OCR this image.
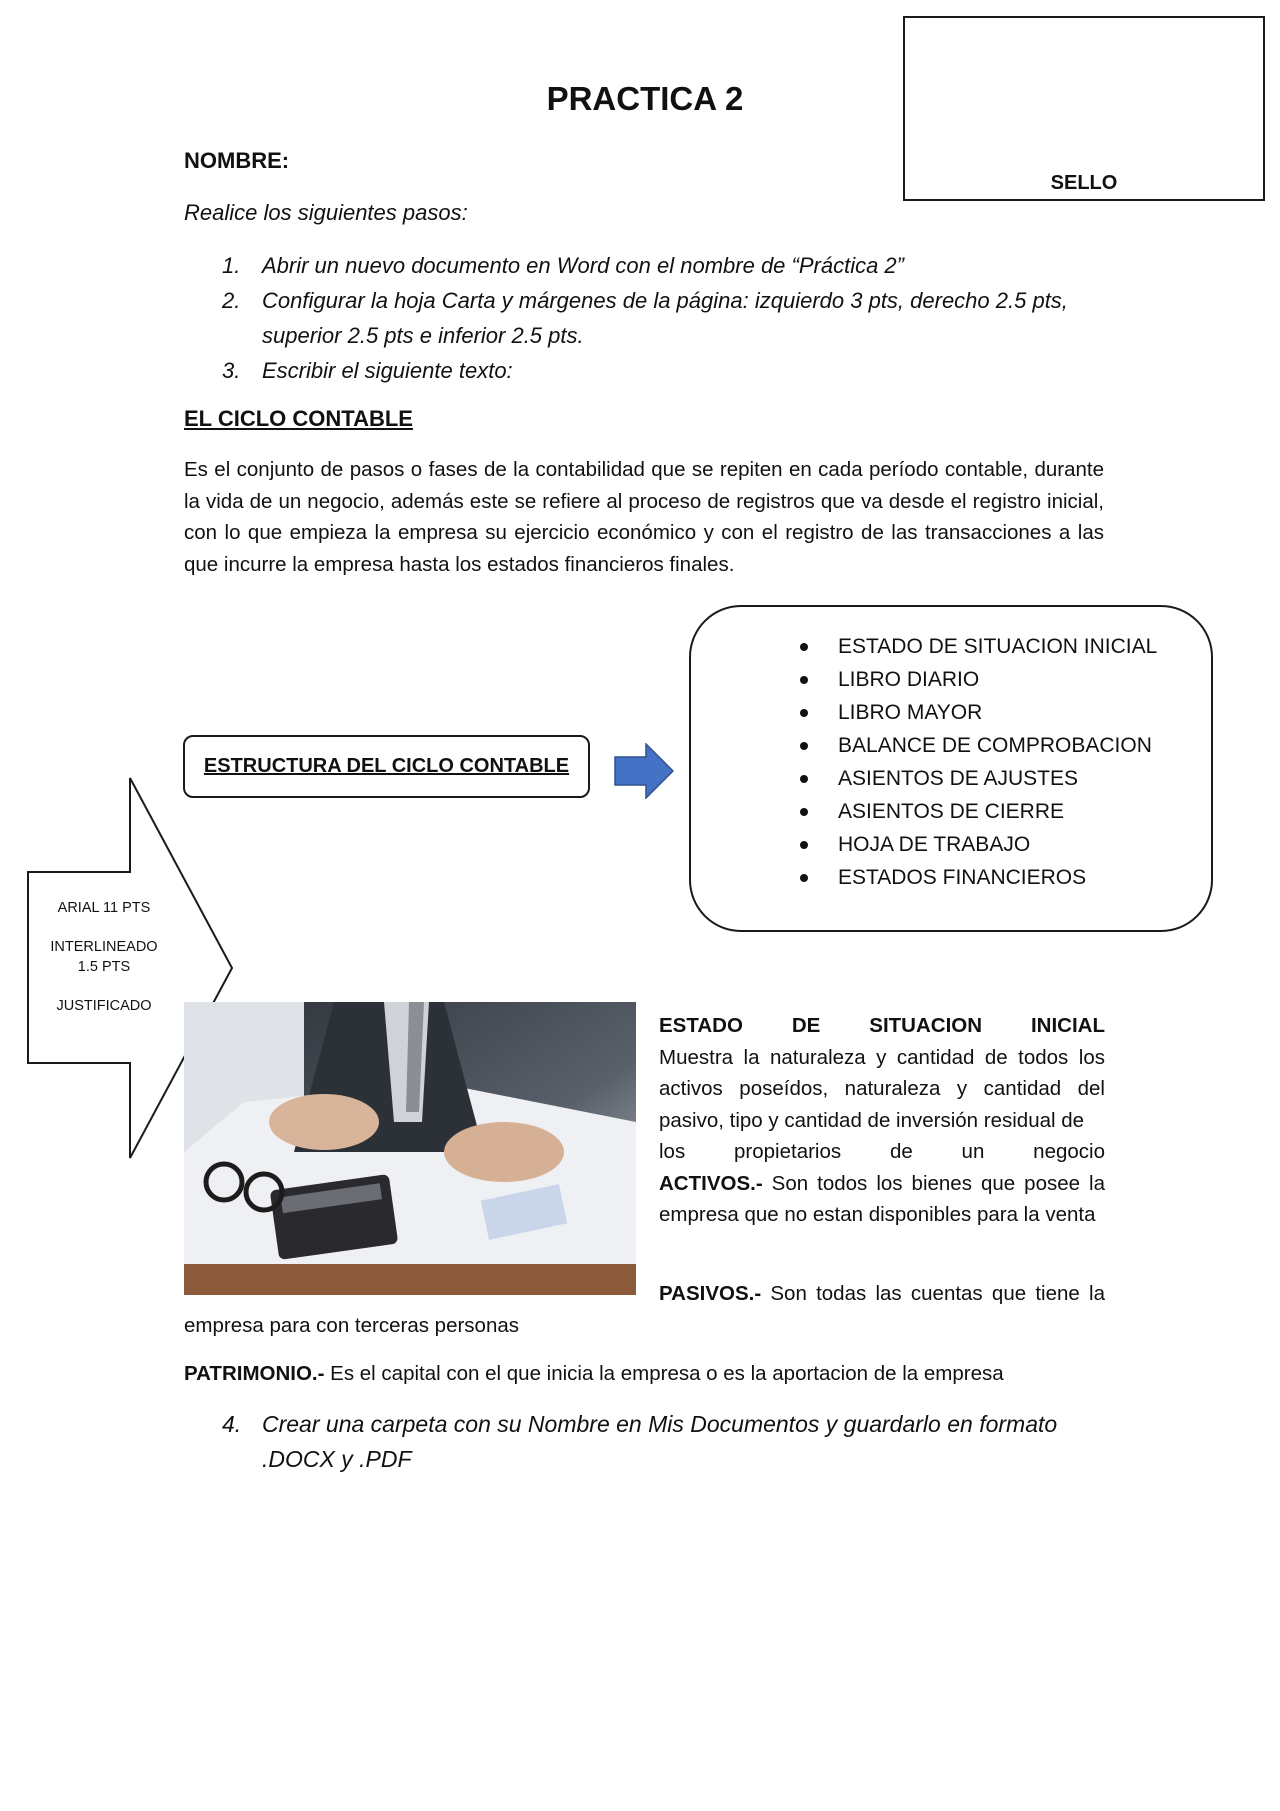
SELLO
PRACTICA 2
NOMBRE:
Realice los siguientes pasos:
1. Abrir un nuevo documento en Word con el nombre de “Práctica 2”
2. Configurar la hoja Carta y márgenes de la página: izquierdo 3 pts, derecho 2.5 pts, superior 2.5 pts e inferior 2.5 pts.
3. Escribir el siguiente texto:
EL CICLO CONTABLE
Es el conjunto de pasos o fases de la contabilidad que se repiten en cada período contable, durante la vida de un negocio, además este se refiere al proceso de registros que va desde el registro inicial, con lo que empieza la empresa su ejercicio económico y con el registro de las transacciones a las que incurre la empresa hasta los estados financieros finales.
ESTRUCTURA DEL CICLO CONTABLE
ESTADO DE SITUACION INICIAL
LIBRO DIARIO
LIBRO MAYOR
BALANCE DE COMPROBACION
ASIENTOS DE AJUSTES
ASIENTOS DE CIERRE
HOJA DE TRABAJO
ESTADOS FINANCIEROS
ARIAL 11 PTS
INTERLINEADO 1.5 PTS
JUSTIFICADO
ESTADO DE SITUACION INICIAL
Muestra la naturaleza y cantidad de todos los activos poseídos, naturaleza y cantidad del pasivo, tipo y cantidad de inversión residual de
los propietarios de un negocio
ACTIVOS.- Son todos los bienes que posee la empresa que no estan disponibles para la venta
PASIVOS.- Son todas las cuentas que tiene la
empresa para con terceras personas
PATRIMONIO.- Es el capital con el que inicia la empresa o es la aportacion de la empresa
4. Crear una carpeta con su Nombre en Mis Documentos y guardarlo en formato .DOCX y .PDF
